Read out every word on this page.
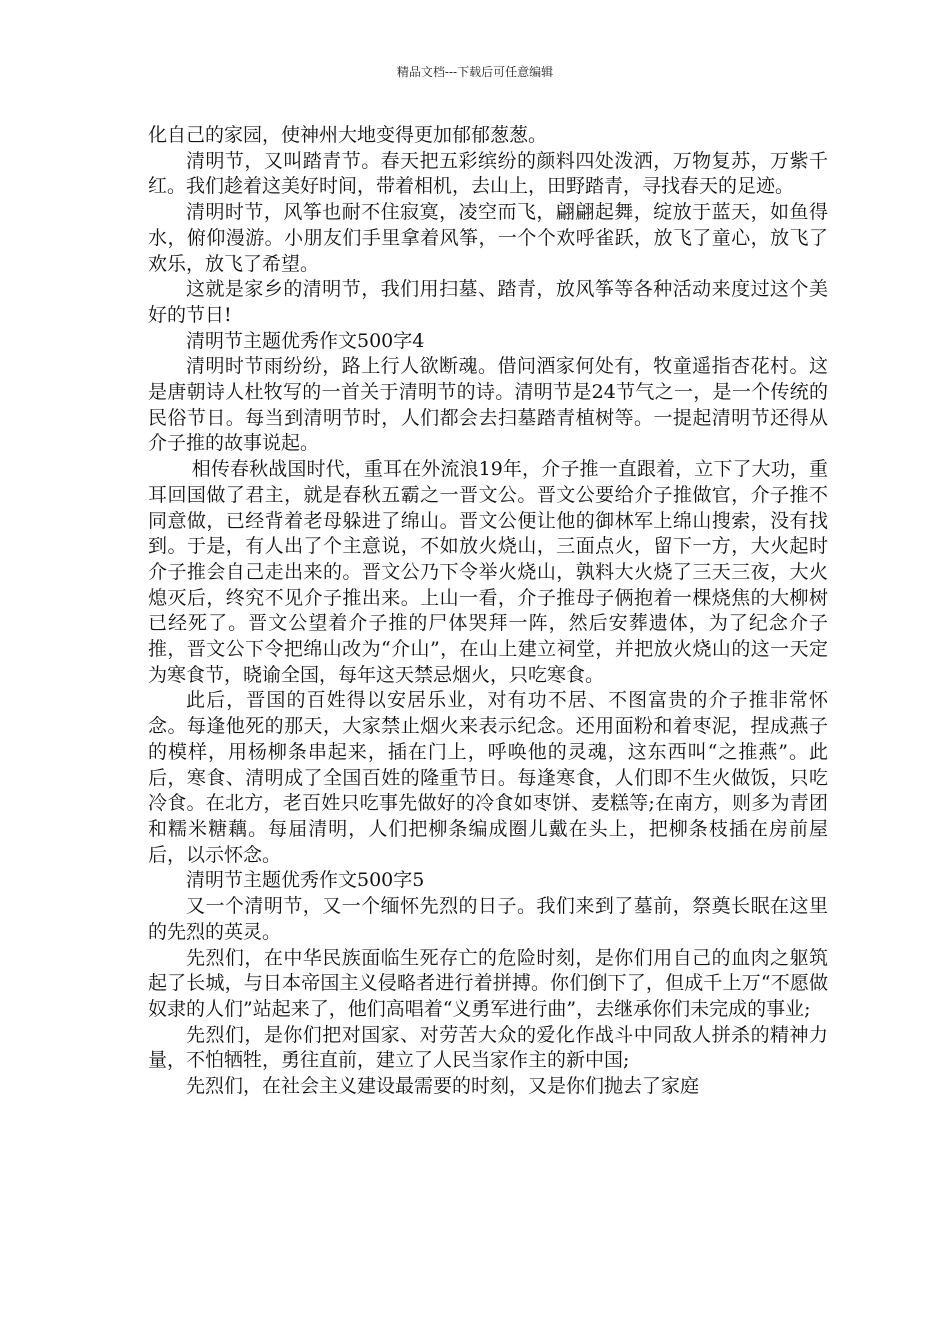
精品文档---下载后可任意编辑

化自己的家园，使神州大地变得更加郁郁葱葱。

清明节，又叫踏青节。春天把五彩缤纷的颜料四处泼洒，万物复苏，万紫千红。我们趁着这美好时间，带着相机，去山上，田野踏青，寻找春天的足迹。

清明时节，风筝也耐不住寂寞，凌空而飞，翩翩起舞，绽放于蓝天，如鱼得水，俯仰漫游。小朋友们手里拿着风筝，一个个欢呼雀跃，放飞了童心，放飞了欢乐，放飞了希望。

这就是家乡的清明节，我们用扫墓、踏青，放风筝等各种活动来度过这个美好的节日!

清明节主题优秀作文500字4

清明时节雨纷纷，路上行人欲断魂。借问酒家何处有，牧童遥指杏花村。这是唐朝诗人杜牧写的一首关于清明节的诗。清明节是24节气之一，是一个传统的民俗节日。每当到清明节时，人们都会去扫墓踏青植树等。一提起清明节还得从介子推的故事说起。

相传春秋战国时代，重耳在外流浪19年，介子推一直跟着，立下了大功，重耳回国做了君主，就是春秋五霸之一晋文公。晋文公要给介子推做官，介子推不同意做，已经背着老母躲进了绵山。晋文公便让他的御林军上绵山搜索，没有找到。于是，有人出了个主意说，不如放火烧山，三面点火，留下一方，大火起时介子推会自己走出来的。晋文公乃下令举火烧山，孰料大火烧了三天三夜，大火熄灭后，终究不见介子推出来。上山一看，介子推母子俩抱着一棵烧焦的大柳树已经死了。晋文公望着介子推的尸体哭拜一阵，然后安葬遗体，为了纪念介子推，晋文公下令把绵山改为“介山”，在山上建立祠堂，并把放火烧山的这一天定为寒食节，晓谕全国，每年这天禁忌烟火，只吃寒食。

此后，晋国的百姓得以安居乐业，对有功不居、不图富贵的介子推非常怀念。每逢他死的那天，大家禁止烟火来表示纪念。还用面粉和着枣泥，捏成燕子的模样，用杨柳条串起来，插在门上，呼唤他的灵魂，这东西叫“之推燕”。此后，寒食、清明成了全国百姓的隆重节日。每逢寒食，人们即不生火做饭，只吃冷食。在北方，老百姓只吃事先做好的冷食如枣饼、麦糕等;在南方，则多为青团和糯米糖藕。每届清明，人们把柳条编成圈儿戴在头上，把柳条枝插在房前屋后，以示怀念。

清明节主题优秀作文500字5

又一个清明节，又一个缅怀先烈的日子。我们来到了墓前，祭奠长眠在这里的先烈的英灵。

先烈们，在中华民族面临生死存亡的危险时刻，是你们用自己的血肉之躯筑起了长城，与日本帝国主义侵略者进行着拼搏。你们倒下了，但成千上万“不愿做奴隶的人们”站起来了，他们高唱着“义勇军进行曲”，去继承你们未完成的事业;

先烈们，是你们把对国家、对劳苦大众的爱化作战斗中同敌人拼杀的精神力量，不怕牺牲，勇往直前，建立了人民当家作主的新中国;

先烈们，在社会主义建设最需要的时刻，又是你们抛去了家庭
